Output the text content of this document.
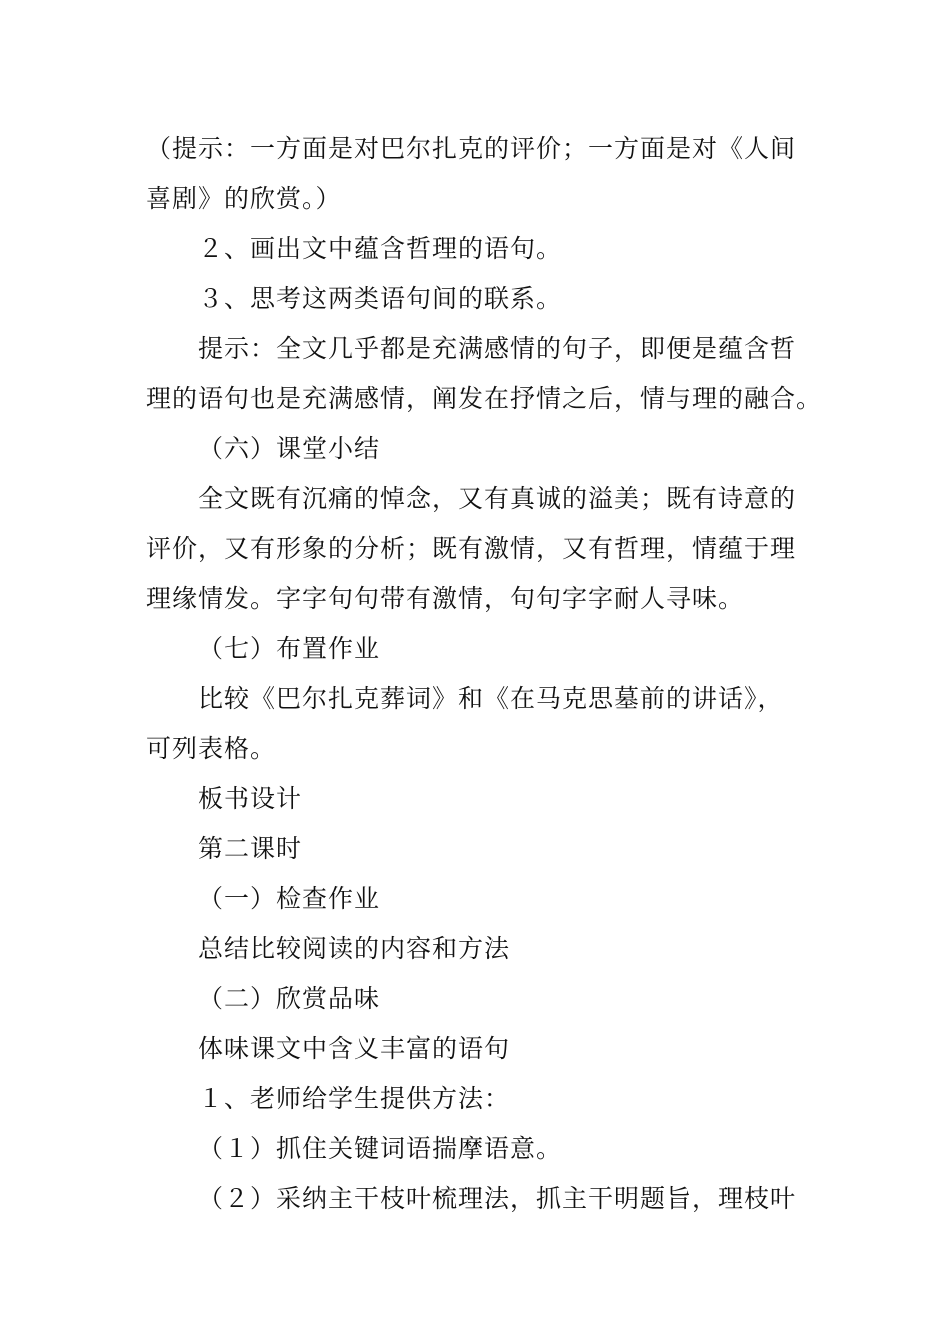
（提示：一方面是对巴尔扎克的评价；一方面是对《人间
喜剧》的欣赏。）
２、画出文中蕴含哲理的语句。
３、思考这两类语句间的联系。
提示：全文几乎都是充满感情的句子，即便是蕴含哲
理的语句也是充满感情，阐发在抒情之后，情与理的融合。
（六）课堂小结
全文既有沉痛的悼念，又有真诚的溢美；既有诗意的
评价，又有形象的分析；既有激情，又有哲理，情蕴于理
理缘情发。字字句句带有激情，句句字字耐人寻味。
（七）布置作业
比较《巴尔扎克葬词》和《在马克思墓前的讲话》，
可列表格。
板书设计
第二课时
（一）检查作业
总结比较阅读的内容和方法
（二）欣赏品味
体味课文中含义丰富的语句
１、老师给学生提供方法：
（１）抓住关键词语揣摩语意。
（２）采纳主干枝叶梳理法，抓主干明题旨，理枝叶
